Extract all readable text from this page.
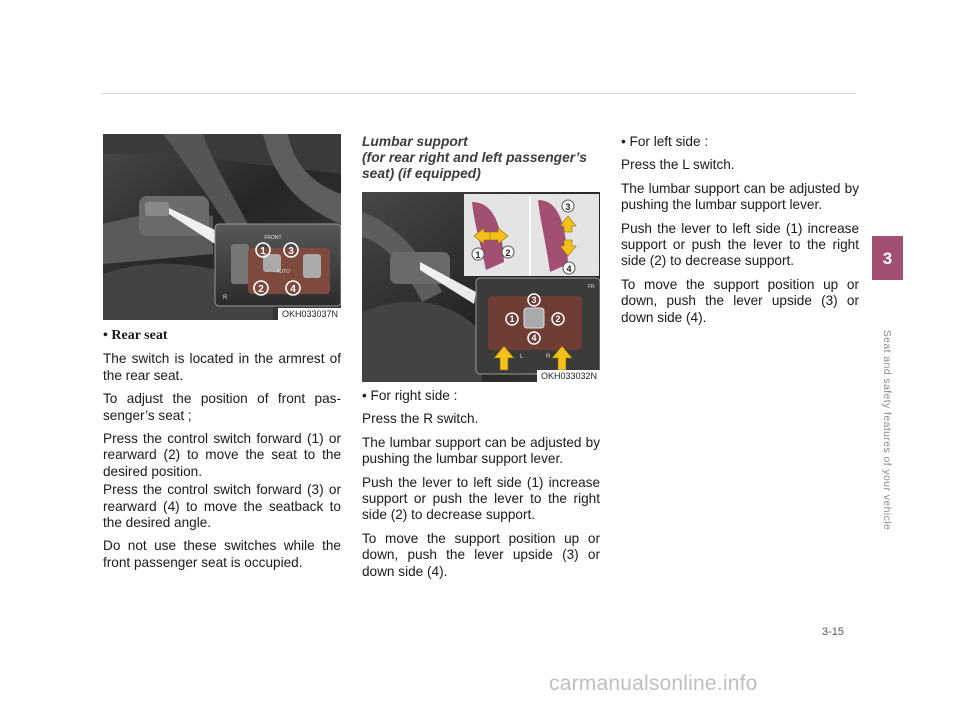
1 3
2	4
FRONT
AUTO
R
OKH033037N

• Rear seat

The switch is located in the armrest of the rear seat.

To adjust the position of front pas- senger’s seat ;

Press the control switch forward (1) or rearward (2) to move the seat to the desired position.

Press the control switch forward (3) or rearward (4) to move the seatback to the desired angle.

Do not use these switches while the front passenger seat is occupied.

Lumbar support
(for rear right and left passenger’s seat) (if equipped)
1	2
3
4
3
1	2
4
L	R
FR
OKH033032N

• For right side :

Press the R switch.

The lumbar support can be adjusted by pushing the lumbar support lever.

Push the lever to left side (1) increase support or push the lever to the right side (2) to decrease support.

To move the support position up or down, push the lever upside (3) or down side (4).

• For left side :

Press the L switch.

The lumbar support can be adjusted by pushing the lumbar support lever.

Push the lever to left side (1) increase support or push the lever to the right side (2) to decrease support.

To move the support position up or down, push the lever upside (3) or down side (4).

3
Seat and safety features of your vehicle
3-15
carmanualsonline.info
